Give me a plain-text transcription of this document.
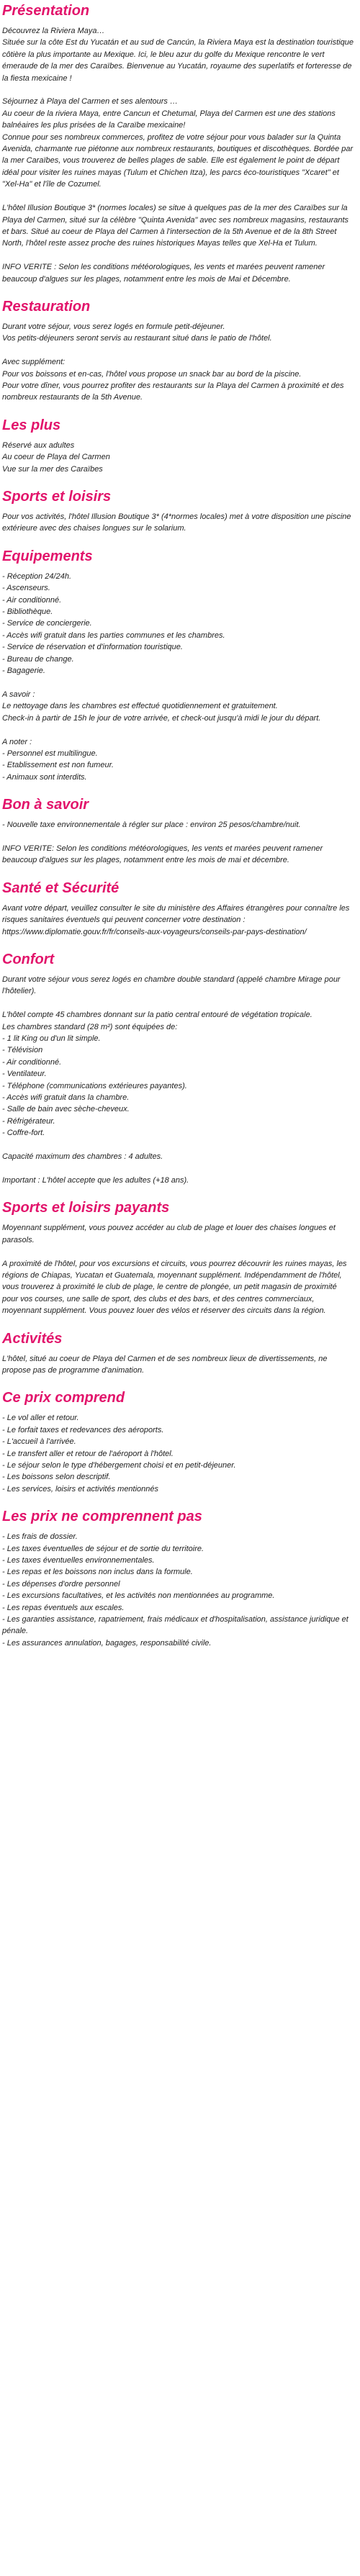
Présentation

Découvrez la Riviera Maya…
Située sur la côte Est du Yucatán et au sud de Cancún, la Riviera Maya est la destination touristique côtière la plus importante au Mexique. Ici, le bleu azur du golfe du Mexique rencontre le vert émeraude de la mer des Caraïbes. Bienvenue au Yucatán, royaume des superlatifs et forteresse de la fiesta mexicaine !

Séjournez à Playa del Carmen et ses alentours …
Au coeur de la riviera Maya, entre Cancun et Chetumal, Playa del Carmen est une des stations balnéaires les plus prisées de la Caraïbe mexicaine!
Connue pour ses nombreux commerces, profitez de votre séjour pour vous balader sur la Quinta Avenida, charmante rue piétonne aux nombreux restaurants, boutiques et discothèques. Bordée par la mer Caraïbes, vous trouverez de belles plages de sable. Elle est également le point de départ idéal pour visiter les ruines mayas (Tulum et Chichen Itza), les parcs éco-touristiques "Xcaret" et "Xel-Ha" et l'île de Cozumel.

L'hôtel Illusion Boutique 3* (normes locales) se situe à quelques pas de la mer des Caraïbes sur la Playa del Carmen, situé sur la célèbre "Quinta Avenida" avec ses nombreux magasins, restaurants et bars. Situé au coeur de Playa del Carmen à l'intersection de la 5th Avenue et de la 8th Street North, l'hôtel reste assez proche des ruines historiques Mayas telles que Xel-Ha et Tulum.

INFO VERITE : Selon les conditions météorologiques, les vents et marées peuvent ramener beaucoup d'algues sur les plages, notamment entre les mois de Mai et Décembre.

Restauration

Durant votre séjour, vous serez logés en formule petit-déjeuner.
Vos petits-déjeuners seront servis au restaurant situé dans le patio de l'hôtel.

Avec supplément:
Pour vos boissons et en-cas, l'hôtel vous propose un snack bar au bord de la piscine.
Pour votre dîner, vous pourrez profiter des restaurants sur la Playa del Carmen à proximité et des nombreux restaurants de la 5th Avenue.

Les plus

Réservé aux adultes
Au coeur de Playa del Carmen
Vue sur la mer des Caraïbes

Sports et loisirs

Pour vos activités, l'hôtel Illusion Boutique 3* (4*normes locales) met à votre disposition une piscine extérieure avec des chaises longues sur le solarium.

Equipements

- Réception 24/24h.
- Ascenseurs.
- Air conditionné.
- Bibliothèque.
- Service de conciergerie.
- Accès wifi gratuit dans les parties communes et les chambres.
- Service de réservation et d'information touristique.
- Bureau de change.
- Bagagerie.

A savoir :
Le nettoyage dans les chambres est effectué quotidiennement et gratuitement.
Check-in à partir de 15h le jour de votre arrivée, et check-out jusqu'à midi le jour du départ.

A noter :
- Personnel est multilingue.
- Etablissement est non fumeur.
- Animaux sont interdits.

Bon à savoir

- Nouvelle taxe environnementale à régler sur place : environ 25 pesos/chambre/nuit.

INFO VERITE: Selon les conditions météorologiques, les vents et marées peuvent ramener beaucoup d'algues sur les plages, notamment entre les mois de mai et décembre.

Santé et Sécurité

Avant votre départ, veuillez consulter le site du ministère des Affaires étrangères pour connaître les risques sanitaires éventuels qui peuvent concerner votre destination : https://www.diplomatie.gouv.fr/fr/conseils-aux-voyageurs/conseils-par-pays-destination/

Confort

Durant votre séjour vous serez logés en chambre double standard (appelé chambre Mirage pour l'hôtelier).

L'hôtel compte 45 chambres donnant sur la patio central entouré de végétation tropicale.
Les chambres standard (28 m²) sont équipées de:
- 1 lit King ou d'un lit simple.
- Télévision
- Air conditionné.
- Ventilateur.
- Téléphone (communications extérieures payantes).
- Accès wifi gratuit dans la chambre.
- Salle de bain avec sèche-cheveux.
- Réfrigérateur.
- Coffre-fort.

Capacité maximum des chambres : 4 adultes.

Important : L'hôtel accepte que les adultes (+18 ans).

Sports et loisirs payants

Moyennant supplément, vous pouvez accéder au club de plage et louer des chaises longues et parasols.

A proximité de l'hôtel, pour vos excursions et circuits, vous pourrez découvrir les ruines mayas, les régions de Chiapas, Yucatan et Guatemala, moyennant supplément. Indépendamment de l'hôtel, vous trouverez à proximité le club de plage, le centre de plongée, un petit magasin de proximité pour vos courses, une salle de sport, des clubs et des bars, et des centres commerciaux, moyennant supplément. Vous pouvez louer des vélos et réserver des circuits dans la région.

Activités

L'hôtel, situé au coeur de Playa del Carmen et de ses nombreux lieux de divertissements, ne propose pas de programme d'animation.

Ce prix comprend

- Le vol aller et retour.
- Le forfait taxes et redevances des aéroports.
- L'accueil à l'arrivée.
- Le transfert aller et retour de l'aéroport à l'hôtel.
- Le séjour selon le type d'hébergement choisi et en petit-déjeuner.
- Les boissons selon descriptif.
- Les services, loisirs et activités mentionnés

Les prix ne comprennent pas

- Les frais de dossier.
- Les taxes éventuelles de séjour et de sortie du territoire.
- Les taxes éventuelles environnementales.
- Les repas et les boissons non inclus dans la formule.
- Les dépenses d'ordre personnel
- Les excursions facultatives, et les activités non mentionnées au programme.
- Les repas éventuels aux escales.
- Les garanties assistance, rapatriement, frais médicaux et d'hospitalisation, assistance juridique et pénale.
- Les assurances annulation, bagages, responsabilité civile.
